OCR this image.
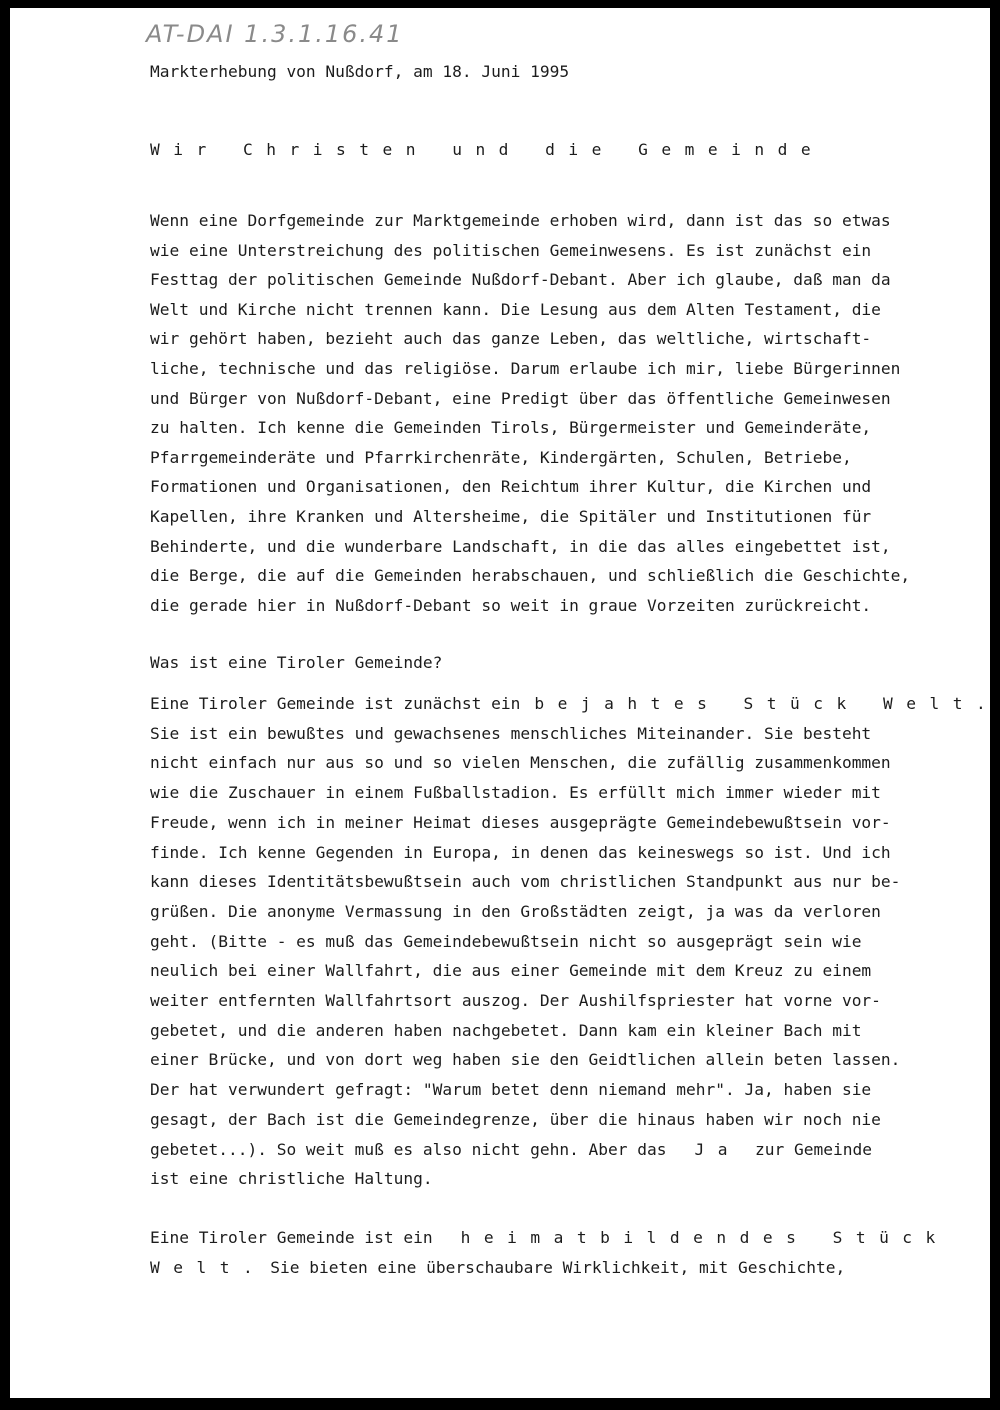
AT-DAI 1.3.1.16.41
Markterhebung von Nußdorf, am 18. Juni 1995
Wir Christen und die Gemeinde
Wenn eine Dorfgemeinde zur Marktgemeinde erhoben wird, dann ist das so etwas
wie eine Unterstreichung des politischen Gemeinwesens. Es ist zunächst ein
Festtag der politischen Gemeinde Nußdorf-Debant. Aber ich glaube, daß man da
Welt und Kirche nicht trennen kann. Die Lesung aus dem Alten Testament, die
wir gehört haben, bezieht auch das ganze Leben, das weltliche, wirtschaft-
liche, technische und das religiöse. Darum erlaube ich mir, liebe Bürgerinnen
und Bürger von Nußdorf-Debant, eine Predigt über das öffentliche Gemeinwesen
zu halten. Ich kenne die Gemeinden Tirols, Bürgermeister und Gemeinderäte,
Pfarrgemeinderäte und Pfarrkirchenräte, Kindergärten, Schulen, Betriebe,
Formationen und Organisationen, den Reichtum ihrer Kultur, die Kirchen und
Kapellen, ihre Kranken und Altersheime, die Spitäler und Institutionen für
Behinderte, und die wunderbare Landschaft, in die das alles eingebettet ist,
die Berge, die auf die Gemeinden herabschauen, und schließlich die Geschichte,
die gerade hier in Nußdorf-Debant so weit in graue Vorzeiten zurückreicht.
Was ist eine Tiroler Gemeinde?
Eine Tiroler Gemeinde ist zunächst ein bejahtes Stück Welt.
Sie ist ein bewußtes und gewachsenes menschliches Miteinander. Sie besteht
nicht einfach nur aus so und so vielen Menschen, die zufällig zusammenkommen
wie die Zuschauer in einem Fußballstadion. Es erfüllt mich immer wieder mit
Freude, wenn ich in meiner Heimat dieses ausgeprägte Gemeindebewußtsein vor-
finde. Ich kenne Gegenden in Europa, in denen das keineswegs so ist. Und ich
kann dieses Identitätsbewußtsein auch vom christlichen Standpunkt aus nur be-
grüßen. Die anonyme Vermassung in den Großstädten zeigt, ja was da verloren
geht. (Bitte - es muß das Gemeindebewußtsein nicht so ausgeprägt sein wie
neulich bei einer Wallfahrt, die aus einer Gemeinde mit dem Kreuz zu einem
weiter entfernten Wallfahrtsort auszog. Der Aushilfspriester hat vorne vor-
gebetet, und die anderen haben nachgebetet. Dann kam ein kleiner Bach mit
einer Brücke, und von dort weg haben sie den Geidtlichen allein beten lassen.
Der hat verwundert gefragt: "Warum betet denn niemand mehr". Ja, haben sie
gesagt, der Bach ist die Gemeindegrenze, über die hinaus haben wir noch nie
gebetet...). So weit muß es also nicht gehn. Aber das Ja zur Gemeinde
ist eine christliche Haltung.
Eine Tiroler Gemeinde ist ein heimatbildendes Stück
Welt. Sie bieten eine überschaubare Wirklichkeit, mit Geschichte,
